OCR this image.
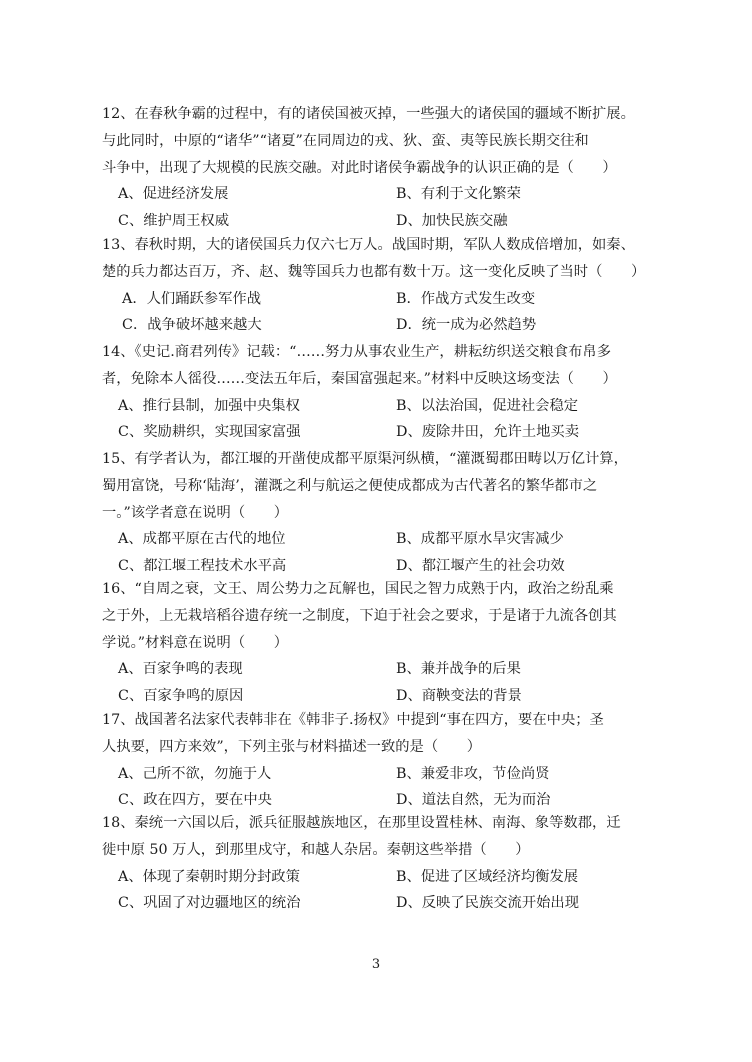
12、在春秋争霸的过程中，有的诸侯国被灭掉，一些强大的诸侯国的疆域不断扩展。

与此同时，中原的“诸华”“诸夏”在同周边的戎、狄、蛮、夷等民族长期交往和

斗争中，出现了大规模的民族交融。对此时诸侯争霸战争的认识正确的是（　　）

A、促进经济发展	B、有利于文化繁荣
C、维护周王权威	D、加快民族交融

13、春秋时期，大的诸侯国兵力仅六七万人。战国时期，军队人数成倍增加，如秦、

楚的兵力都达百万，齐、赵、魏等国兵力也都有数十万。这一变化反映了当时（　　）

A．人们踊跃参军作战	B．作战方式发生改变
C．战争破坏越来越大	D．统一成为必然趋势

14、《史记.商君列传》记载：“……努力从事农业生产，耕耘纺织送交粮食布帛多

者，免除本人徭役……变法五年后，秦国富强起来。”材料中反映这场变法（　　）

A、推行县制，加强中央集权	B、以法治国，促进社会稳定
C、奖励耕织，实现国家富强	D、废除井田，允许土地买卖

15、有学者认为，都江堰的开凿使成都平原渠河纵横，“灌溉蜀郡田畴以万亿计算，

蜀用富饶，号称‘陆海’，灌溉之利与航运之便使成都成为古代著名的繁华都市之

一。”该学者意在说明（　　）

A、成都平原在古代的地位	B、成都平原水旱灾害减少
C、都江堰工程技术水平高	D、都江堰产生的社会功效

16、“自周之衰，文王、周公势力之瓦解也，国民之智力成熟于内，政治之纷乱乘

之于外，上无栽培稻谷遗存统一之制度，下迫于社会之要求，于是诸于九流各创其

学说。”材料意在说明（　　）

A、百家争鸣的表现	B、兼并战争的后果
C、百家争鸣的原因	D、商鞅变法的背景

17、战国著名法家代表韩非在《韩非子.扬权》中提到“事在四方，要在中央；圣

人执要，四方来效”，下列主张与材料描述一致的是（　　）

A、己所不欲，勿施于人	B、兼爱非攻，节俭尚贤
C、政在四方，要在中央	D、道法自然，无为而治

18、秦统一六国以后，派兵征服越族地区，在那里设置桂林、南海、象等数郡，迁

徙中原 50 万人，到那里戍守，和越人杂居。秦朝这些举措（　　）

A、体现了秦朝时期分封政策	B、促进了区域经济均衡发展
C、巩固了对边疆地区的统治	D、反映了民族交流开始出现
3
